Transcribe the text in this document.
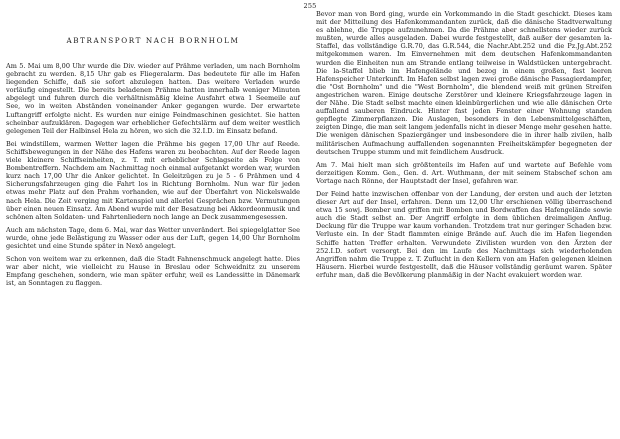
255
ABTRANSPORT NACH BORNHOLM

Am 5. Mai um 8,00 Uhr wurde die Div. wieder auf Prähme verladen, um nach Bornholm gebracht zu werden. 8,15 Uhr gab es Fliegeralarm. Das bedeutete für alle im Hafen liegenden Schiffe, daß sie sofort abzulegen hatten. Das weitere Verladen wurde vorläufig eingestellt. Die bereits beladenen Prähme hatten innerhalb weniger Minuten abgelegt und fuhren durch die verhältnismäßig kleine Ausfahrt etwa 1 Seemeile auf See, wo in weiten Abständen voneinander Anker gegangen wurde. Der erwartete Luftangriff erfolgte nicht. Es wurden nur einige Feindmaschinen gesichtet. Sie hatten scheinbar aufzuklären. Dagegen war erheblicher Gefechtslärm auf dem weiter westlich gelegenen Teil der Halbinsel Hela zu hören, wo sich die 32.I.D. im Einsatz befand.

Bei windstillem, warmen Wetter lagen die Prähme bis gegen 17,00 Uhr auf Reede. Schiffsbewegungen in der Nähe des Hafens waren zu beobachten. Auf der Reede lagen viele kleinere Schiffseinheiten, z. T. mit erheblicher Schlagseite als Folge von Bombentreffern. Nachdem am Nachmittag noch einmal aufgetankt worden war, wurden kurz nach 17,00 Uhr die Anker gelichtet. In Geleitzügen zu je 5 - 6 Prähmen und 4 Sicherungsfahrzeugen ging die Fahrt los in Richtung Bornholm. Nun war für jeden etwas mehr Platz auf den Prahm vorhanden, wie auf der Überfahrt von Nickelswalde nach Hela. Die Zeit verging mit Kartenspiel und allerlei Gesprächen bzw. Vermutungen über einen neuen Einsatz. Am Abend wurde mit der Besatzung bei Akkordeonmusik und schönen alten Soldaten- und Fahrtenliedern noch lange an Deck zusammengesessen.

Auch am nächsten Tage, dem 6. Mai, war das Wetter unverändert. Bei spiegelglatter See wurde, ohne jede Belästigung zu Wasser oder aus der Luft, gegen 14,00 Uhr Bornholm gesichtet und eine Stunde später in Nexö angelegt.

Schon von weitem war zu erkennen, daß die Stadt Fahnenschmuck angelegt hatte. Dies war aber nicht, wie vielleicht zu Hause in Breslau oder Schweidnitz zu unserem Empfang geschehen, sondern, wie man später erfuhr, weil es Landessitte in Dänemark ist, an Sonntagen zu flaggen.

Bevor man von Bord ging, wurde ein Vorkommando in die Stadt geschickt. Dieses kam mit der Mitteilung des Hafenkommandanten zurück, daß die dänische Stadtverwaltung es ablehne, die Truppe aufzunehmen. Da die Prähme aber schnellstens wieder zurück mußten, wurde alles ausgeladen. Dabei wurde festgestellt, daß außer der gesamten la-Staffel, das vollständige G.R.70, das G.R.544, die Nachr.Abt.252 und die Pz.Jg.Abt.252 mitgekommen waren. Im Einvernehmen mit dem deutschen Hafenkommandanten wurden die Einheiten nun am Strande entlang teilweise in Waldstücken untergebracht. Die la-Staffel blieb im Hafengelände und bezog in einem großen, fast leeren Hafenspeicher Unterkunft. Im Hafen selbst lagen zwei große dänische Passagierdampfer, die "Ost Bornholm" und die "West Bornholm", die blendend weiß mit grünen Streifen angestrichen waren. Einige deutsche Zerstörer und kleinere Kriegsfahrzeuge lagen in der Nähe. Die Stadt selbst machte einen kleinbürgerlichen und wie alle dänischen Orte auffallend sauberen Eindruck. Hinter fast jeden Fenster einer Wohnung standen gepflegte Zimmerpflanzen. Die Auslagen, besonders in den Lebensmittelgeschäften, zeigten Dinge, die man seit langem jedenfalls nicht in dieser Menge mehr gesehen hatte. Die wenigen dänischen Spaziergänger und insbesondere die in ihrer halb zivilen, halb militärischen Aufmachung auffallenden sogenannten Freiheitskämpfer begegneten der deutschen Truppe stumm und mit feindlichem Ausdruck.

Am 7. Mai hielt man sich größtenteils im Hafen auf und wartete auf Befehle vom derzeitigen Komm. Gen., Gen. d. Art. Wuthmann, der mit seinem Stabschef schon am Vortage nach Rönne, der Hauptstadt der Insel, gefahren war.

Der Feind hatte inzwischen offenbar von der Landung, der ersten und auch der letzten dieser Art auf der Insel, erfahren. Denn um 12,00 Uhr erschienen völlig überraschend etwa 15 sowj. Bomber und griffen mit Bomben und Bordwaffen das Hafengelände sowie auch die Stadt selbst an. Der Angriff erfolgte in dem üblichen dreimaligen Anflug. Deckung für die Truppe war kaum vorhanden. Trotzdem trat nur geringer Schaden bzw. Verluste ein. In der Stadt flammten einige Brände auf. Auch die im Hafen liegenden Schiffe hatten Treffer erhalten. Verwundete Zivilisten wurden von den Ärzten der 252.I.D. sofort versorgt. Bei den im Laufe des Nachmittags sich wiederholenden Angriffen nahm die Truppe z. T. Zuflucht in den Kellern von am Hafen gelegenen kleinen Häusern. Hierbei wurde festgestellt, daß die Häuser vollständig geräumt waren. Später erfuhr man, daß die Bevölkerung planmäßig in der Nacht evakuiert worden war.
